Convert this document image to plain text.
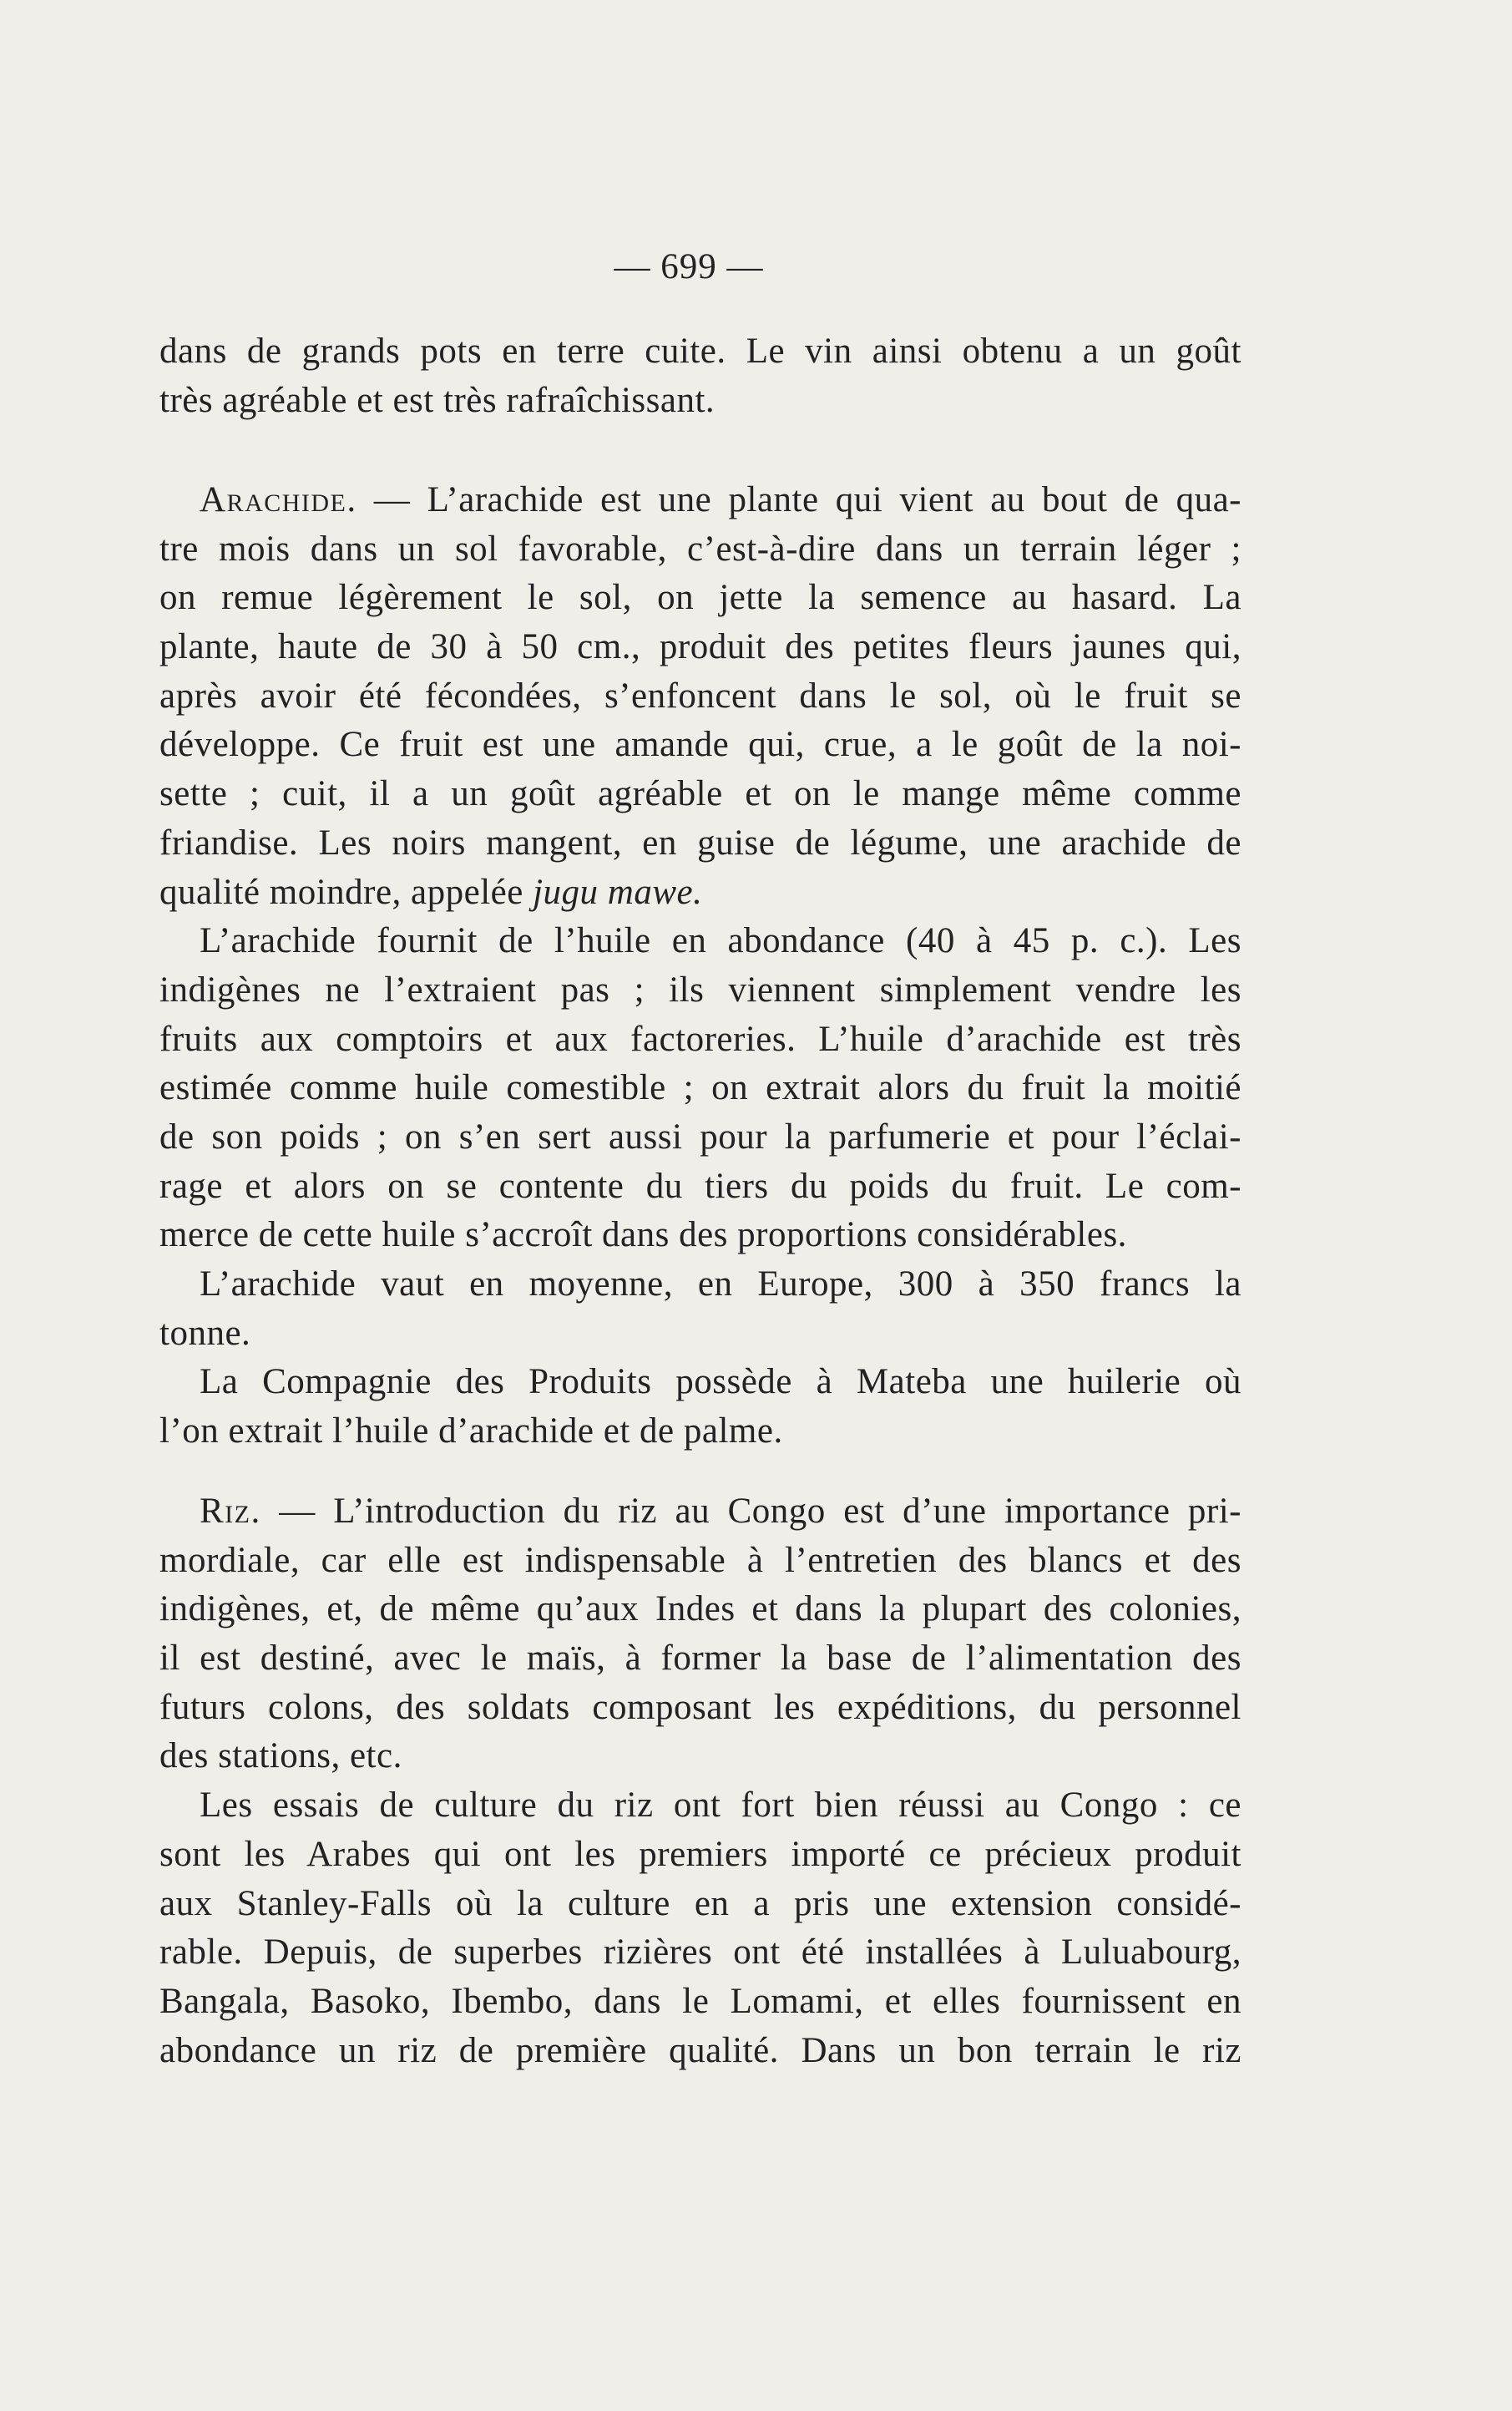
— 699 —
dans de grands pots en terre cuite. Le vin ainsi obtenu a un goût
très agréable et est très rafraîchissant.
Arachide. — L’arachide est une plante qui vient au bout de qua-
tre mois dans un sol favorable, c’est-à-dire dans un terrain léger ;
on remue légèrement le sol, on jette la semence au hasard. La
plante, haute de 30 à 50 cm., produit des petites fleurs jaunes qui,
après avoir été fécondées, s’enfoncent dans le sol, où le fruit se
développe. Ce fruit est une amande qui, crue, a le goût de la noi-
sette ; cuit, il a un goût agréable et on le mange même comme
friandise. Les noirs mangent, en guise de légume, une arachide de
qualité moindre, appelée jugu mawe.
L’arachide fournit de l’huile en abondance (40 à 45 p. c.). Les
indigènes ne l’extraient pas ; ils viennent simplement vendre les
fruits aux comptoirs et aux factoreries. L’huile d’arachide est très
estimée comme huile comestible ; on extrait alors du fruit la moitié
de son poids ; on s’en sert aussi pour la parfumerie et pour l’éclai-
rage et alors on se contente du tiers du poids du fruit. Le com-
merce de cette huile s’accroît dans des proportions considérables.
L’arachide vaut en moyenne, en Europe, 300 à 350 francs la
tonne.
La Compagnie des Produits possède à Mateba une huilerie où
l’on extrait l’huile d’arachide et de palme.
Riz. — L’introduction du riz au Congo est d’une importance pri-
mordiale, car elle est indispensable à l’entretien des blancs et des
indigènes, et, de même qu’aux Indes et dans la plupart des colonies,
il est destiné, avec le maïs, à former la base de l’alimentation des
futurs colons, des soldats composant les expéditions, du personnel
des stations, etc.
Les essais de culture du riz ont fort bien réussi au Congo : ce
sont les Arabes qui ont les premiers importé ce précieux produit
aux Stanley-Falls où la culture en a pris une extension considé-
rable. Depuis, de superbes rizières ont été installées à Luluabourg,
Bangala, Basoko, Ibembo, dans le Lomami, et elles fournissent en
abondance un riz de première qualité. Dans un bon terrain le riz
